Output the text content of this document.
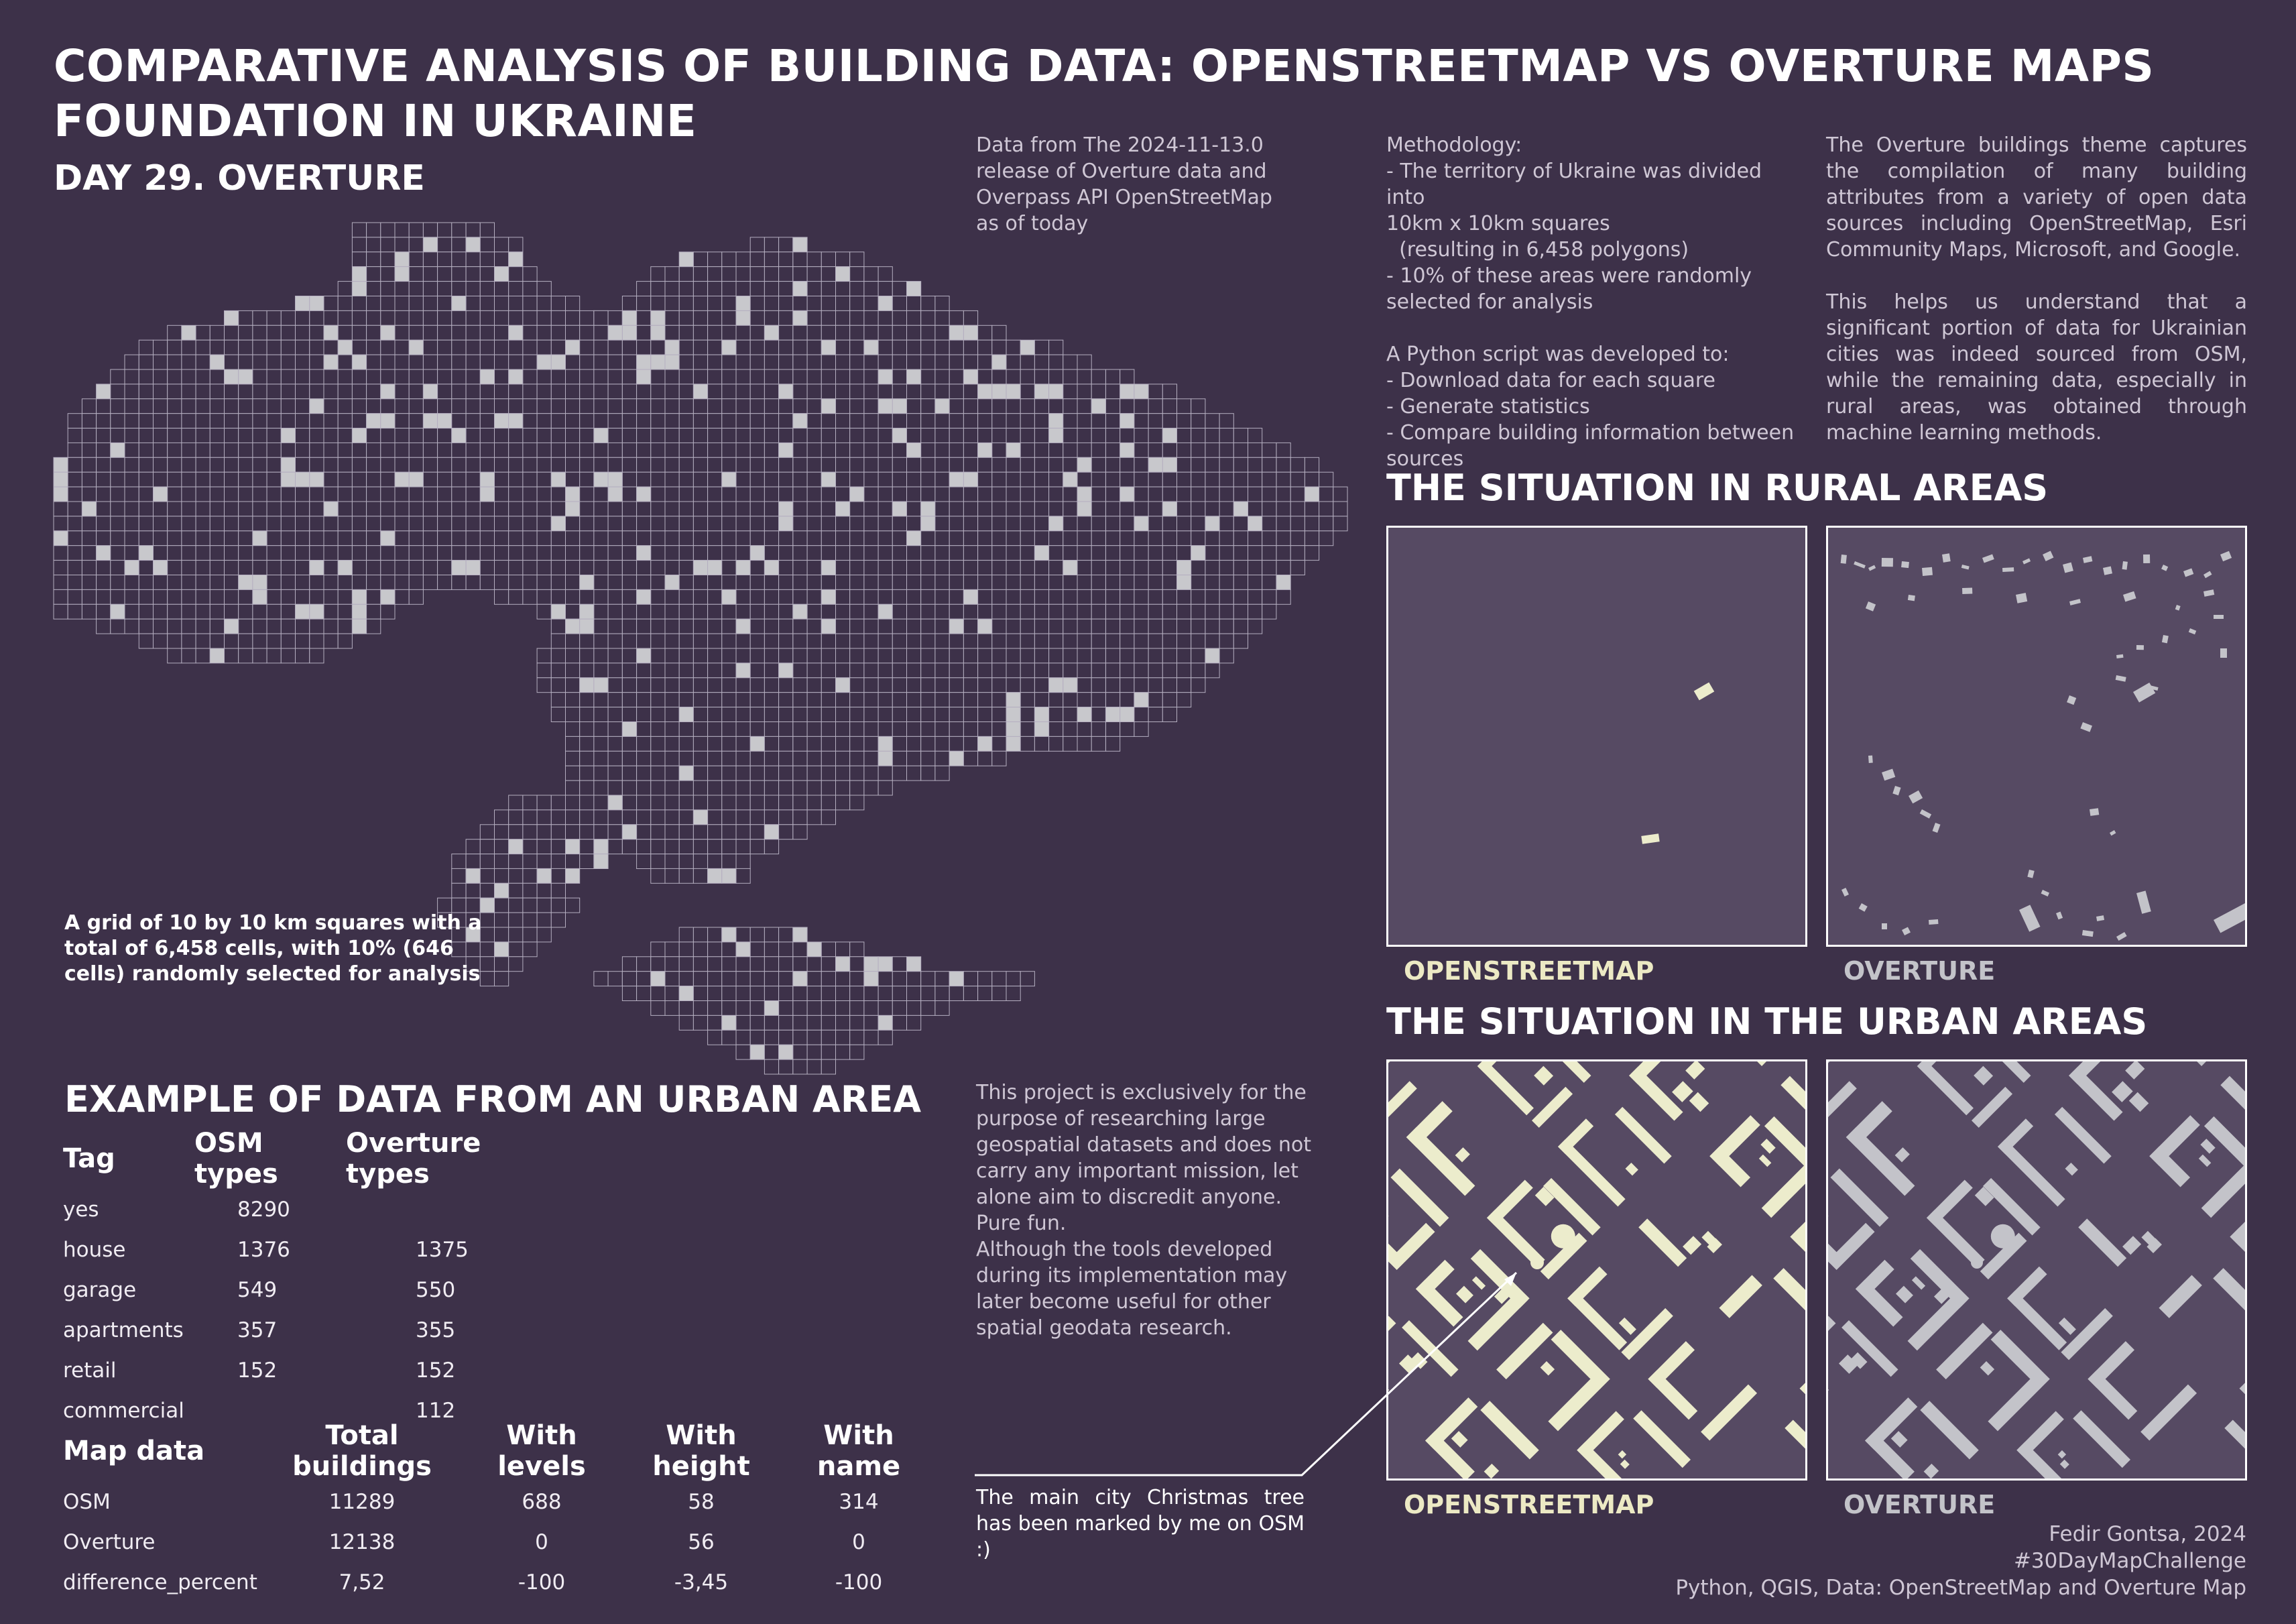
COMPARATIVE ANALYSIS OF BUILDING DATA: OPENSTREETMAP VS OVERTURE MAPS FOUNDATION IN UKRAINE
DAY 29. OVERTURE
A grid of 10 by 10 km squares with a
total of 6,458 cells, with 10% (646
cells) randomly selected for analysis

Data from The 2024-11-13.0

release of Overture data and

Overpass API OpenStreetMap

as of today

Methodology:

- The territory of Ukraine was divided into

10km x 10km squares

(resulting in 6,458 polygons)

- 10% of these areas were randomly

selected for analysis

A Python script was developed to:

- Download data for each square

- Generate statistics

- Compare building information between

sources

The Overture buildings theme captures the compilation of many building attributes from a variety of open data sources including OpenStreetMap, Esri Community Maps, Microsoft, and Google.

This helps us understand that a significant portion of data for Ukrainian cities was indeed sourced from OSM, while the remaining data, especially in rural areas, was obtained through machine learning methods.

THE SITUATION IN RURAL AREAS
OPENSTREETMAP	OVERTURE
THE SITUATION IN THE URBAN AREAS
OPENSTREETMAP	OVERTURE
The main city Christmas tree has been marked by me on OSM :)

This project is exclusively for the

purpose of researching large

geospatial datasets and does not

carry any important mission, let

alone aim to discredit anyone.

Pure fun.

Although the tools developed

during its implementation may

later become useful for other

spatial geodata research.

EXAMPLE OF DATA FROM AN URBAN AREA
Tag	OSM types	Overture types
yes	8290	
house	1376	1375
garage	549	550
apartments	357	355
retail	152	152
commercial		112
Map data	Total buildings	With levels	With height	With name
OSM	11289	688	58	314
Overture	12138	0	56	0
difference_percent	7,52	-100	-3,45	-100
Fedir Gontsa, 2024
#30DayMapChallenge
Python, QGIS, Data: OpenStreetMap and Overture Map
